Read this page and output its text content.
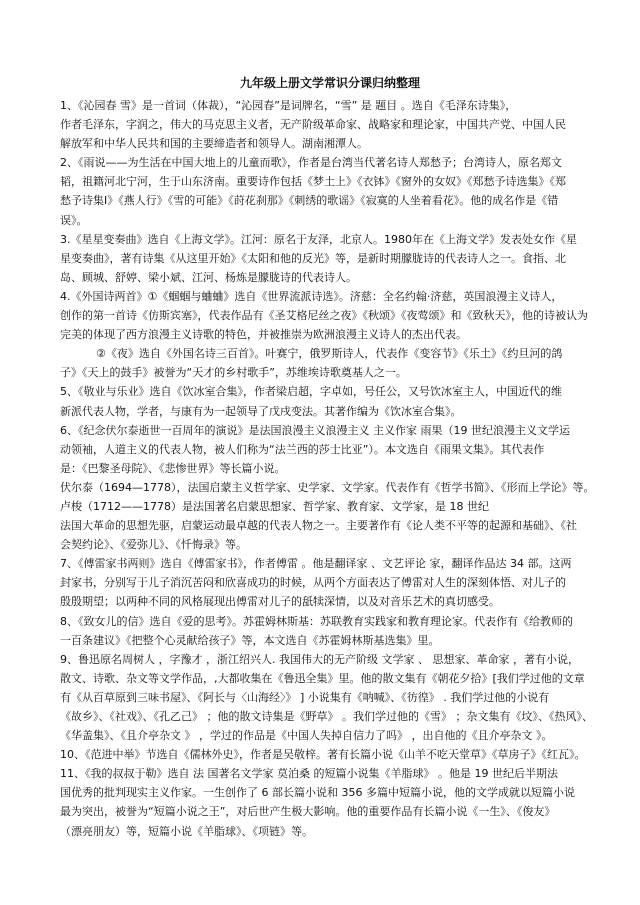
九年级上册文学常识分课归纳整理
1、《沁园春 雪》是一首词（体裁），“沁园春”是词牌名，“雪” 是 题目 。选自《毛泽东诗集》，
作者毛泽东，字润之，伟大的马克思主义者，无产阶级革命家、战略家和理论家，中国共产党、中国人民
解放军和中华人民共和国的主要缔造者和领导人。湖南湘潭人。
2、《雨说——为生活在中国大地上的儿童而歌》，作者是台湾当代著名诗人郑愁予；台湾诗人，原名郑文
韬，祖籍河北宁河，生于山东济南。重要诗作包括《梦土上》《衣钵》《窗外的女奴》《郑愁予诗选集》《郑
愁予诗集Ⅰ》《燕人行》《雪的可能》《莳花刹那》《刺绣的歌谣》《寂寞的人坐着看花》。他的成名作是《错
误》。
3.《星星变奏曲》选自《上海文学》。江河：原名于友泽，北京人。1980年在《上海文学》发表处女作《星
星变奏曲》，著有诗集《从这里开始》《太阳和他的反光》等，是新时期朦胧诗的代表诗人之一。食指、北
岛、顾城、舒婷、梁小斌、江河、杨炼是朦胧诗的代表诗人。
4.《外国诗两首》①《蝈蝈与蛐蛐》选自《世界流派诗选》。济慈：全名约翰·济慈，英国浪漫主义诗人，
创作的第一首诗《仿斯宾塞》，代表作品有《圣艾格尼丝之夜》《秋颂》《夜莺颂》和《致秋天》，他的诗被认为
完美的体现了西方浪漫主义诗歌的特色，并被推崇为欧洲浪漫主义诗人的杰出代表。
②《夜》选自《外国名诗三百首》。叶赛宁，俄罗斯诗人，代表作《变容节》《乐土》《约旦河的鸽
子》《天上的鼓手》被誉为“天才的乡村歌手”，苏维埃诗歌奠基人之一。
5、《敬业与乐业》选自《饮冰室合集》，作者梁启超，字卓如，号任公，又号饮冰室主人，中国近代的维
新派代表人物，学者，与康有为一起领导了戊戌变法。其著作编为《饮冰室合集》。
6、《纪念伏尔泰逝世一百周年的演说》是法国浪漫主义浪漫主义 主义作家 雨果（19 世纪浪漫主义文学运
动领袖，人道主义的代表人物，被人们称为“法兰西的莎士比亚”）。本文选自《雨果文集》。其代表作
是：《巴黎圣母院》、《悲惨世界》等长篇小说。
伏尔泰（1694—1778），法国启蒙主义哲学家、史学家、文学家。代表作有《哲学书简》、《形而上学论》等。
卢梭（1712——1778）是法国著名启蒙思想家、哲学家、教育家、文学家，是 18 世纪
法国大革命的思想先驱，启蒙运动最卓越的代表人物之一。主要著作有《论人类不平等的起源和基础》、《社
会契约论》、《爱弥儿》、《忏悔录》等。
7、《傅雷家书两则》选自《傅雷家书》，作者傅雷 。他是翻译家 、文艺评论 家，翻译作品达 34 部。这两
封家书，分别写于儿子消沉苦闷和欣喜成功的时候，从两个方面表达了傅雷对人生的深刻体悟、对儿子的
殷殷期望；以两种不同的风格展现出傅雷对儿子的舐犊深情，以及对音乐艺术的真切感受。
8、《致女儿的信》选自《爱的思考》。苏霍姆林斯基：苏联教育实践家和教育理论家。代表作有《给教师的
一百条建议》《把整个心灵献给孩子》等，本文选自《苏霍姆林斯基选集》里。
9、鲁迅原名周树人 ，字豫才 ，浙江绍兴人. 我国伟大的无产阶级 文学家 、 思想家、革命家 ，著有小说，
散文、诗歌、杂文等文学作品，,大都收集在《鲁迅全集》里。他的散文集有《朝花夕拾》[我们学过他的文章
有《从百草原到三味书屋》、《阿长与〈山海经〉》 ] 小说集有《呐喊》、《彷徨》 . 我们学过他的小说有
《故乡》、《社戏》、《孔乙己》 ；他的散文诗集是《野草》 。我们学过他的《雪》 ；杂文集有《坟》、《热风》、
《华盖集》、《且介亭杂文 》 ，学过的作品是《中国人失掉自信力了吗》 ，出自他的《且介亭杂文 》。
10、《范进中举》节选自《儒林外史》，作者是吴敬梓。著有长篇小说《山羊不吃天堂草》《草房子》《红瓦》。
11、《我的叔叔于勒》选自 法 国著名文学家 莫泊桑 的短篇小说集《羊脂球》 。他是 19 世纪后半期法
国优秀的批判现实主义作家。一生创作了 6 部长篇小说和 356 多篇中短篇小说，他的文学成就以短篇小说
最为突出，被誉为“短篇小说之王”，对后世产生极大影响。他的重要作品有长篇小说《一生》、《俊友》
（漂亮朋友）等，短篇小说《羊脂球》、《项链》等。
